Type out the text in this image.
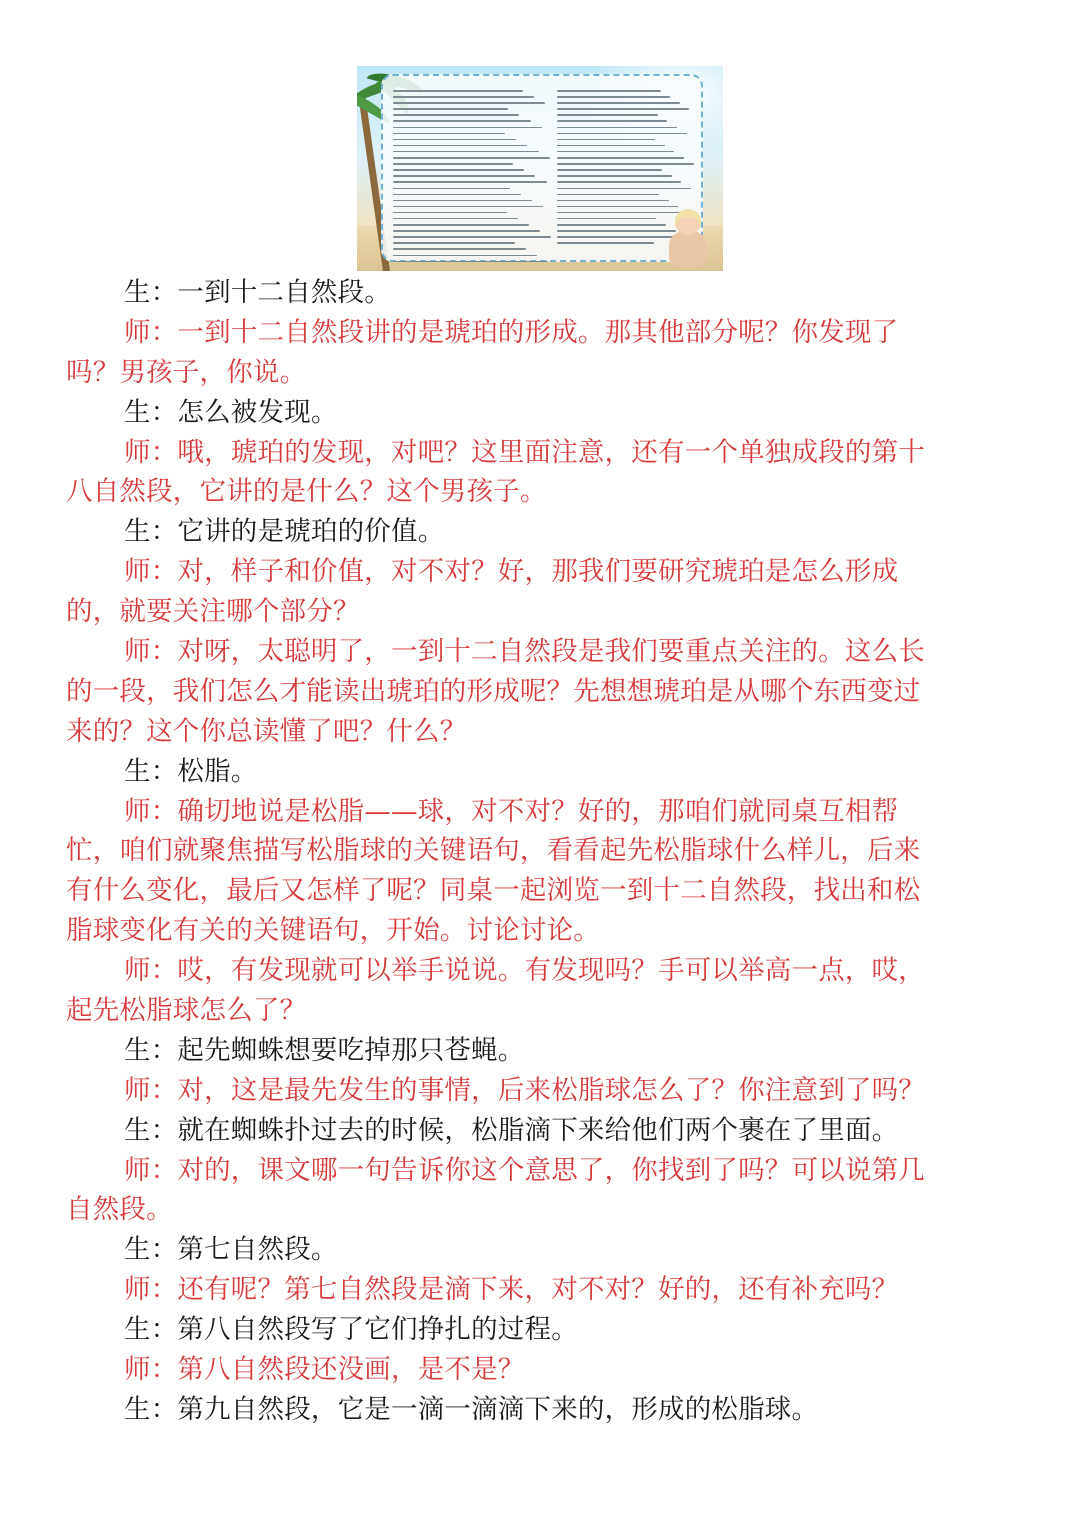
生：一到十二自然段。
师：一到十二自然段讲的是琥珀的形成。那其他部分呢？你发现了
吗？男孩子，你说。
生：怎么被发现。
师：哦，琥珀的发现，对吧？这里面注意，还有一个单独成段的第十
八自然段，它讲的是什么？这个男孩子。
生：它讲的是琥珀的价值。
师：对，样子和价值，对不对？好，那我们要研究琥珀是怎么形成
的，就要关注哪个部分？
师：对呀，太聪明了，一到十二自然段是我们要重点关注的。这么长
的一段，我们怎么才能读出琥珀的形成呢？先想想琥珀是从哪个东西变过
来的？这个你总读懂了吧？什么？
生：松脂。
师：确切地说是松脂——球，对不对？好的，那咱们就同桌互相帮
忙，咱们就聚焦描写松脂球的关键语句，看看起先松脂球什么样儿，后来
有什么变化，最后又怎样了呢？同桌一起浏览一到十二自然段，找出和松
脂球变化有关的关键语句，开始。讨论讨论。
师：哎，有发现就可以举手说说。有发现吗？手可以举高一点，哎，
起先松脂球怎么了？
生：起先蜘蛛想要吃掉那只苍蝇。
师：对，这是最先发生的事情，后来松脂球怎么了？你注意到了吗？
生：就在蜘蛛扑过去的时候，松脂滴下来给他们两个裹在了里面。
师：对的，课文哪一句告诉你这个意思了，你找到了吗？可以说第几
自然段。
生：第七自然段。
师：还有呢？第七自然段是滴下来，对不对？好的，还有补充吗？
生：第八自然段写了它们挣扎的过程。
师：第八自然段还没画，是不是？
生：第九自然段，它是一滴一滴滴下来的，形成的松脂球。
